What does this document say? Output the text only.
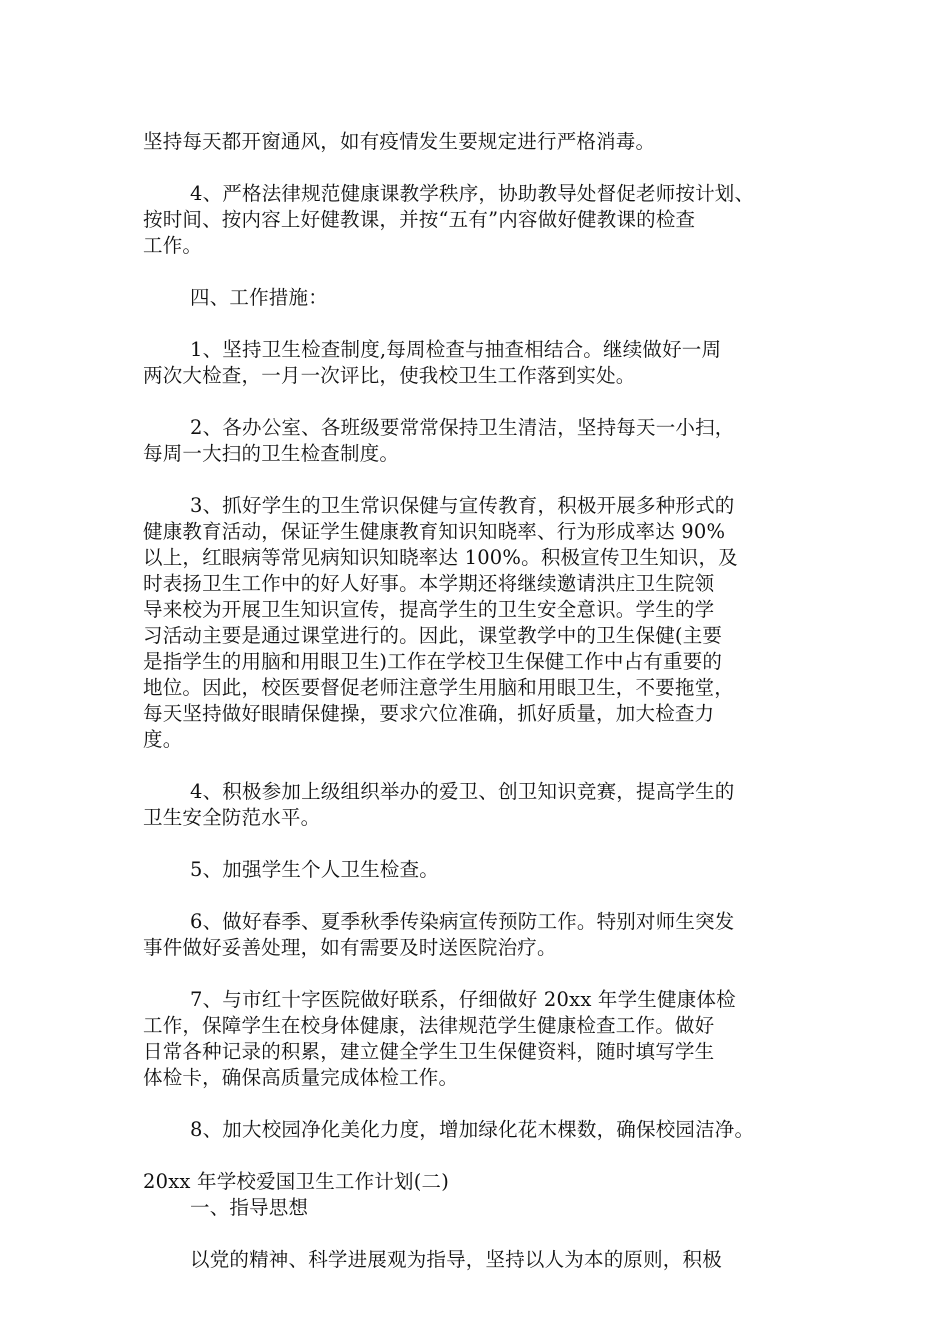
坚持每天都开窗通风，如有疫情发生要规定进行严格消毒。
4、严格法律规范健康课教学秩序，协助教导处督促老师按计划、
按时间、按内容上好健教课，并按“五有”内容做好健教课的检查
工作。
四、工作措施：
1、坚持卫生检查制度,每周检查与抽查相结合。继续做好一周
两次大检查，一月一次评比，使我校卫生工作落到实处。
2、各办公室、各班级要常常保持卫生清洁，坚持每天一小扫，
每周一大扫的卫生检查制度。
3、抓好学生的卫生常识保健与宣传教育，积极开展多种形式的
健康教育活动，保证学生健康教育知识知晓率、行为形成率达 90%
以上，红眼病等常见病知识知晓率达 100%。积极宣传卫生知识，及
时表扬卫生工作中的好人好事。本学期还将继续邀请洪庄卫生院领
导来校为开展卫生知识宣传，提高学生的卫生安全意识。学生的学
习活动主要是通过课堂进行的。因此，课堂教学中的卫生保健(主要
是指学生的用脑和用眼卫生)工作在学校卫生保健工作中占有重要的
地位。因此，校医要督促老师注意学生用脑和用眼卫生，不要拖堂，
每天坚持做好眼睛保健操，要求穴位准确，抓好质量，加大检查力
度。
4、积极参加上级组织举办的爱卫、创卫知识竞赛，提高学生的
卫生安全防范水平。
5、加强学生个人卫生检查。
6、做好春季、夏季秋季传染病宣传预防工作。特别对师生突发
事件做好妥善处理，如有需要及时送医院治疗。
7、与市红十字医院做好联系，仔细做好 20xx 年学生健康体检
工作，保障学生在校身体健康，法律规范学生健康检查工作。做好
日常各种记录的积累，建立健全学生卫生保健资料，随时填写学生
体检卡，确保高质量完成体检工作。
8、加大校园净化美化力度，增加绿化花木棵数，确保校园洁净。
20xx 年学校爱国卫生工作计划(二)
一、指导思想
以党的精神、科学进展观为指导，坚持以人为本的原则，积极
